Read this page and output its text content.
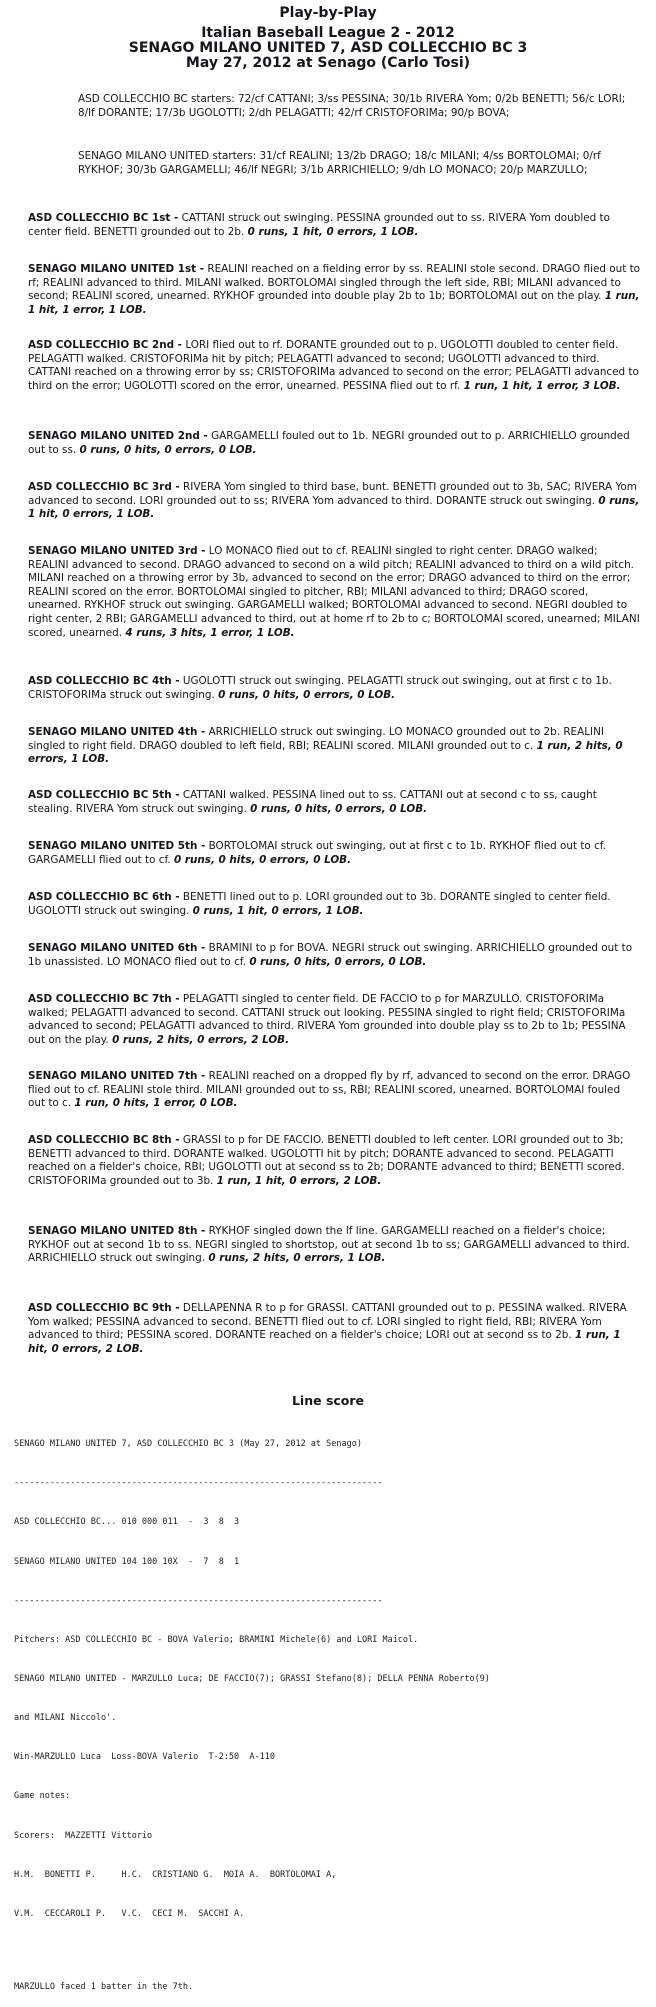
Play-by-Play
Italian Baseball League 2 - 2012
SENAGO MILANO UNITED 7, ASD COLLECCHIO BC 3
May 27, 2012 at Senago (Carlo Tosi)
ASD COLLECCHIO BC starters: 72/cf CATTANI; 3/ss PESSINA; 30/1b RIVERA Yom; 0/2b BENETTI; 56/c LORI; 8/lf DORANTE; 17/3b UGOLOTTI; 2/dh PELAGATTI; 42/rf CRISTOFORIMa; 90/p BOVA;
SENAGO MILANO UNITED starters: 31/cf REALINI; 13/2b DRAGO; 18/c MILANI; 4/ss BORTOLOMAI; 0/rf RYKHOF; 30/3b GARGAMELLI; 46/lf NEGRI; 3/1b ARRICHIELLO; 9/dh LO MONACO; 20/p MARZULLO;
ASD COLLECCHIO BC 1st - CATTANI struck out swinging. PESSINA grounded out to ss. RIVERA Yom doubled to center field. BENETTI grounded out to 2b. 0 runs, 1 hit, 0 errors, 1 LOB.
SENAGO MILANO UNITED 1st - REALINI reached on a fielding error by ss. REALINI stole second. DRAGO flied out to rf; REALINI advanced to third. MILANI walked. BORTOLOMAI singled through the left side, RBI; MILANI advanced to second; REALINI scored, unearned. RYKHOF grounded into double play 2b to 1b; BORTOLOMAI out on the play. 1 run, 1 hit, 1 error, 1 LOB.
ASD COLLECCHIO BC 2nd - LORI flied out to rf. DORANTE grounded out to p. UGOLOTTI doubled to center field. PELAGATTI walked. CRISTOFORIMa hit by pitch; PELAGATTI advanced to second; UGOLOTTI advanced to third. CATTANI reached on a throwing error by ss; CRISTOFORIMa advanced to second on the error; PELAGATTI advanced to third on the error; UGOLOTTI scored on the error, unearned. PESSINA flied out to rf. 1 run, 1 hit, 1 error, 3 LOB.
SENAGO MILANO UNITED 2nd - GARGAMELLI fouled out to 1b. NEGRI grounded out to p. ARRICHIELLO grounded out to ss. 0 runs, 0 hits, 0 errors, 0 LOB.
ASD COLLECCHIO BC 3rd - RIVERA Yom singled to third base, bunt. BENETTI grounded out to 3b, SAC; RIVERA Yom advanced to second. LORI grounded out to ss; RIVERA Yom advanced to third. DORANTE struck out swinging. 0 runs, 1 hit, 0 errors, 1 LOB.
SENAGO MILANO UNITED 3rd - LO MONACO flied out to cf. REALINI singled to right center. DRAGO walked; REALINI advanced to second. DRAGO advanced to second on a wild pitch; REALINI advanced to third on a wild pitch. MILANI reached on a throwing error by 3b, advanced to second on the error; DRAGO advanced to third on the error; REALINI scored on the error. BORTOLOMAI singled to pitcher, RBI; MILANI advanced to third; DRAGO scored, unearned. RYKHOF struck out swinging. GARGAMELLI walked; BORTOLOMAI advanced to second. NEGRI doubled to right center, 2 RBI; GARGAMELLI advanced to third, out at home rf to 2b to c; BORTOLOMAI scored, unearned; MILANI scored, unearned. 4 runs, 3 hits, 1 error, 1 LOB.
ASD COLLECCHIO BC 4th - UGOLOTTI struck out swinging. PELAGATTI struck out swinging, out at first c to 1b. CRISTOFORIMa struck out swinging. 0 runs, 0 hits, 0 errors, 0 LOB.
SENAGO MILANO UNITED 4th - ARRICHIELLO struck out swinging. LO MONACO grounded out to 2b. REALINI singled to right field. DRAGO doubled to left field, RBI; REALINI scored. MILANI grounded out to c. 1 run, 2 hits, 0 errors, 1 LOB.
ASD COLLECCHIO BC 5th - CATTANI walked. PESSINA lined out to ss. CATTANI out at second c to ss, caught stealing. RIVERA Yom struck out swinging. 0 runs, 0 hits, 0 errors, 0 LOB.
SENAGO MILANO UNITED 5th - BORTOLOMAI struck out swinging, out at first c to 1b. RYKHOF flied out to cf. GARGAMELLI flied out to cf. 0 runs, 0 hits, 0 errors, 0 LOB.
ASD COLLECCHIO BC 6th - BENETTI lined out to p. LORI grounded out to 3b. DORANTE singled to center field. UGOLOTTI struck out swinging. 0 runs, 1 hit, 0 errors, 1 LOB.
SENAGO MILANO UNITED 6th - BRAMINI to p for BOVA. NEGRI struck out swinging. ARRICHIELLO grounded out to 1b unassisted. LO MONACO flied out to cf. 0 runs, 0 hits, 0 errors, 0 LOB.
ASD COLLECCHIO BC 7th - PELAGATTI singled to center field. DE FACCIO to p for MARZULLO. CRISTOFORIMa walked; PELAGATTI advanced to second. CATTANI struck out looking. PESSINA singled to right field; CRISTOFORIMa advanced to second; PELAGATTI advanced to third. RIVERA Yom grounded into double play ss to 2b to 1b; PESSINA out on the play. 0 runs, 2 hits, 0 errors, 2 LOB.
SENAGO MILANO UNITED 7th - REALINI reached on a dropped fly by rf, advanced to second on the error. DRAGO flied out to cf. REALINI stole third. MILANI grounded out to ss, RBI; REALINI scored, unearned. BORTOLOMAI fouled out to c. 1 run, 0 hits, 1 error, 0 LOB.
ASD COLLECCHIO BC 8th - GRASSI to p for DE FACCIO. BENETTI doubled to left center. LORI grounded out to 3b; BENETTI advanced to third. DORANTE walked. UGOLOTTI hit by pitch; DORANTE advanced to second. PELAGATTI reached on a fielder's choice, RBI; UGOLOTTI out at second ss to 2b; DORANTE advanced to third; BENETTI scored. CRISTOFORIMa grounded out to 3b. 1 run, 1 hit, 0 errors, 2 LOB.
SENAGO MILANO UNITED 8th - RYKHOF singled down the lf line. GARGAMELLI reached on a fielder's choice; RYKHOF out at second 1b to ss. NEGRI singled to shortstop, out at second 1b to ss; GARGAMELLI advanced to third. ARRICHIELLO struck out swinging. 0 runs, 2 hits, 0 errors, 1 LOB.
ASD COLLECCHIO BC 9th - DELLAPENNA R to p for GRASSI. CATTANI grounded out to p. PESSINA walked. RIVERA Yom walked; PESSINA advanced to second. BENETTI flied out to cf. LORI singled to right field, RBI; RIVERA Yom advanced to third; PESSINA scored. DORANTE reached on a fielder's choice; LORI out at second ss to 2b. 1 run, 1 hit, 0 errors, 2 LOB.
Line score

SENAGO MILANO UNITED 7, ASD COLLECCHIO BC 3 (May 27, 2012 at Senago)

------------------------------------------------------------------------

ASD COLLECCHIO BC... 010 000 011  -  3  8  3

SENAGO MILANO UNITED 104 100 10X  -  7  8  1

------------------------------------------------------------------------

Pitchers: ASD COLLECCHIO BC - BOVA Valerio; BRAMINI Michele(6) and LORI Maicol.

SENAGO MILANO UNITED - MARZULLO Luca; DE FACCIO(7); GRASSI Stefano(8); DELLA PENNA Roberto(9)

and MILANI Niccolo'.

Win-MARZULLO Luca  Loss-BOVA Valerio  T-2:50  A-110

Game notes:

Scorers:  MAZZETTI Vittorio

H.M.  BONETTI P.     H.C.  CRISTIANO G.  MOIA A.  BORTOLOMAI A,

V.M.  CECCAROLI P.   V.C.  CECI M.  SACCHI A.

MARZULLO faced 1 batter in the 7th.
